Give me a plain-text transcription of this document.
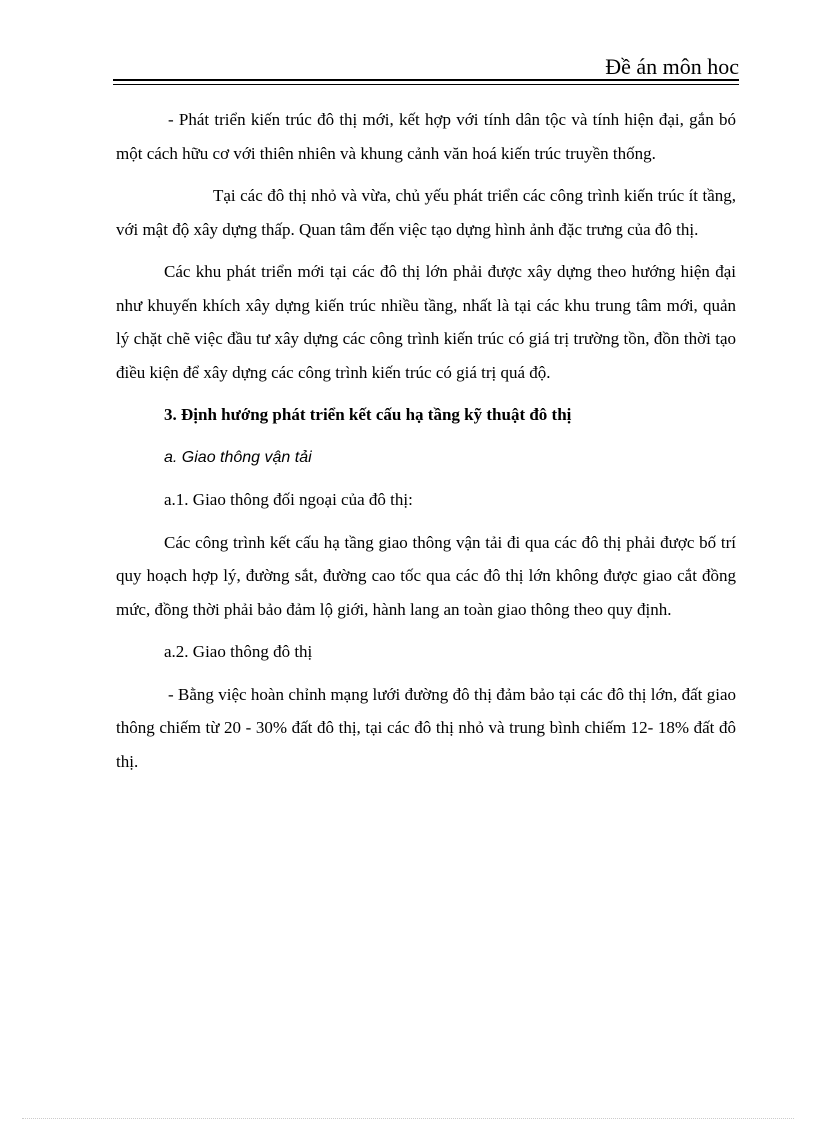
Đề án môn hoc

- Phát triển kiến trúc đô thị mới, kết hợp với tính dân tộc và tính hiện đại, gắn bó một cách hữu cơ với thiên nhiên và khung cảnh văn hoá kiến trúc truyền thống.

Tại các đô thị nhỏ và vừa, chủ yếu phát triển các công trình kiến trúc ít tầng, với mật độ xây dựng thấp. Quan tâm đến việc tạo dựng hình ảnh đặc trưng của đô thị.

Các khu phát triển mới tại các đô thị lớn phải được xây dựng theo hướng hiện đại như khuyến khích xây dựng kiến trúc nhiều tầng, nhất là tại các khu trung tâm mới, quản lý chặt chẽ việc đầu tư xây dựng các công trình kiến trúc có giá trị trường tồn, đồn thời tạo điều kiện để xây dựng các công trình kiến trúc có giá trị quá độ.

3. Định hướng phát triển kết cấu hạ tầng kỹ thuật đô thị

a. Giao thông vận tải

a.1. Giao thông đối ngoại của đô thị:

Các công trình kết cấu hạ tầng giao thông vận tải đi qua các đô thị phải được bố trí quy hoạch hợp lý, đường sắt, đường cao tốc qua các đô thị lớn không được giao cắt đồng mức, đồng thời phải bảo đảm lộ giới, hành lang an toàn giao thông theo quy định.

a.2. Giao thông đô thị

- Bằng việc hoàn chỉnh mạng lưới đường đô thị đảm bảo tại các đô thị lớn, đất giao thông chiếm từ 20 - 30% đất đô thị, tại các đô thị nhỏ và trung bình chiếm 12- 18% đất đô thị.
